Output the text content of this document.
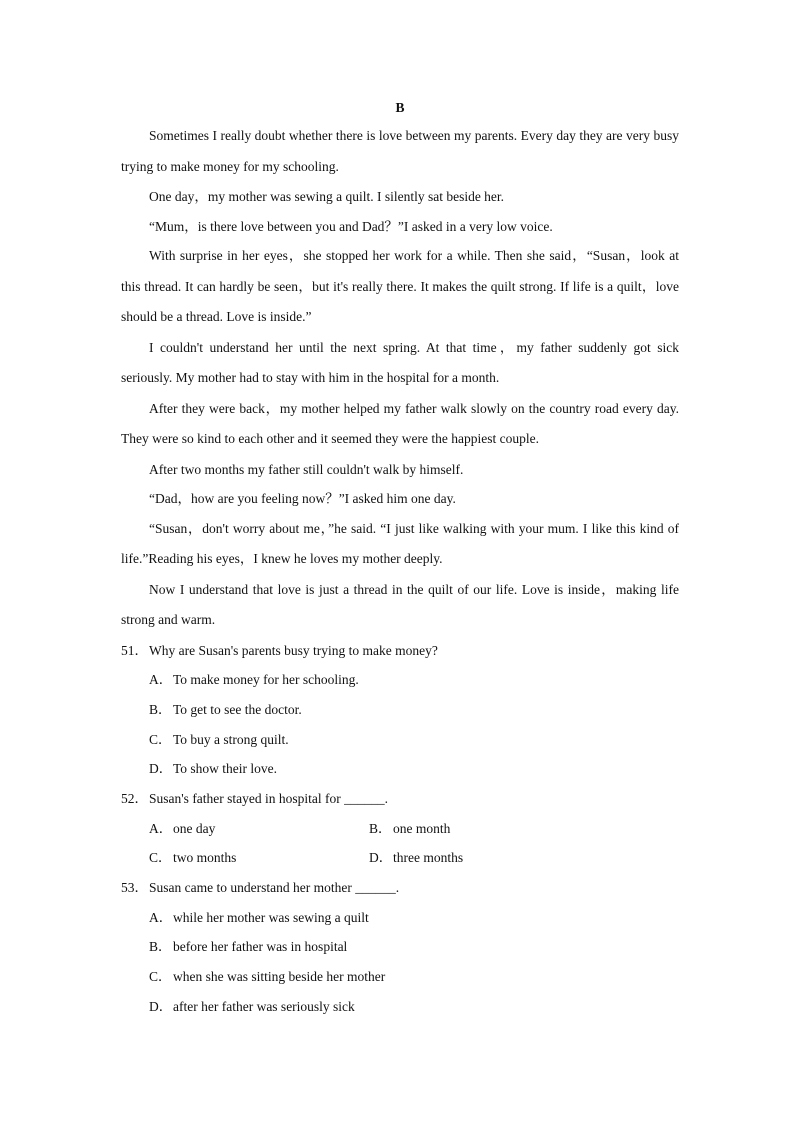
B

Sometimes I really doubt whether there is love between my parents. Every day they are very busy trying to make money for my schooling.

One day，my mother was sewing a quilt. I silently sat beside her.

“Mum，is there love between you and Dad？”I asked in a very low voice.

With surprise in her eyes，she stopped her work for a while. Then she said，“Susan，look at this thread. It can hardly be seen，but it's really there. It makes the quilt strong. If life is a quilt，love should be a thread. Love is inside.”

I couldn't understand her until the next spring. At that time，my father suddenly got sick seriously. My mother had to stay with him in the hospital for a month.

After they were back，my mother helped my father walk slowly on the country road every day. They were so kind to each other and it seemed they were the happiest couple.

After two months my father still couldn't walk by himself.

“Dad，how are you feeling now？”I asked him one day.

“Susan，don't worry about me，”he said. “I just like walking with your mum. I like this kind of life.”Reading his eyes，I knew he loves my mother deeply.

Now I understand that love is just a thread in the quilt of our life. Love is inside，making life strong and warm.

51．Why are Susan's parents busy trying to make money?
A．To make money for her schooling.
B．To get to see the doctor.
C．To buy a strong quilt.
D．To show their love.
52．Susan's father stayed in hospital for ______.
A．one day	B．one month
C．two months	D．three months
53．Susan came to understand her mother ______.
A．while her mother was sewing a quilt
B．before her father was in hospital
C．when she was sitting beside her mother
D．after her father was seriously sick
